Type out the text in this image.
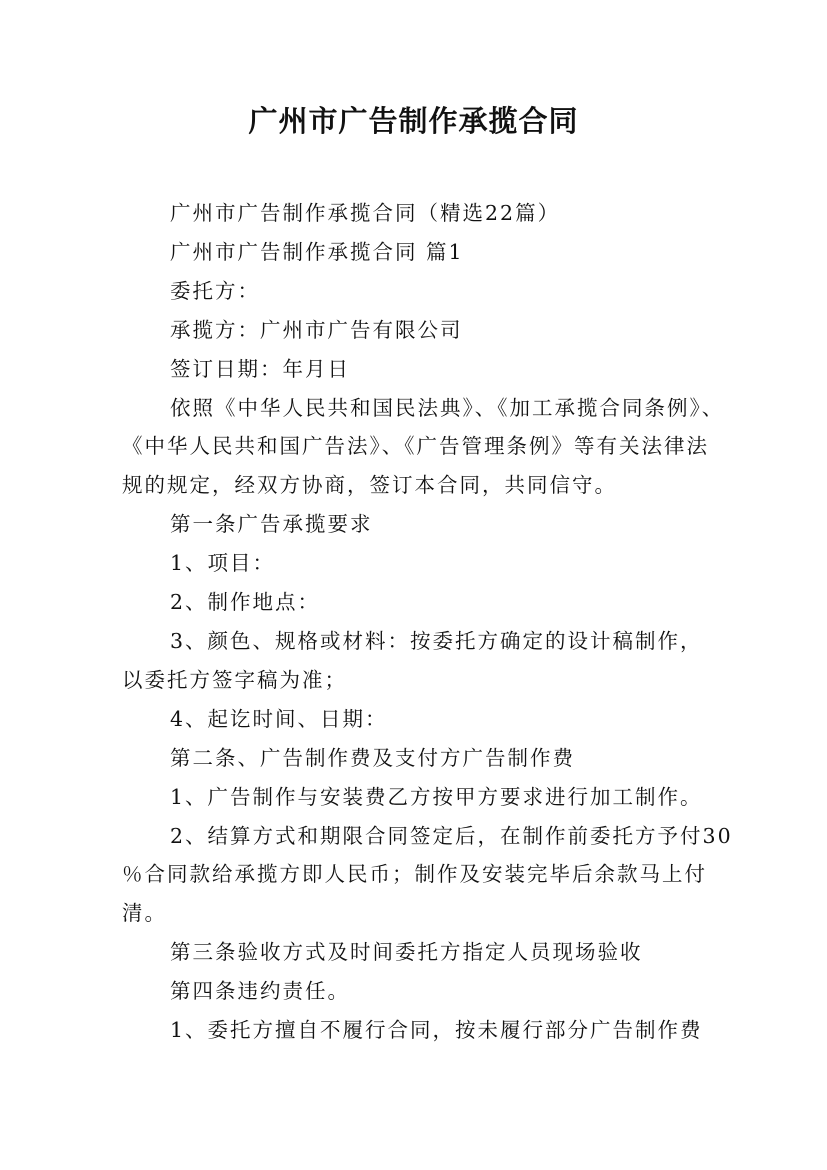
广州市广告制作承揽合同

广州市广告制作承揽合同（精选22篇）

广州市广告制作承揽合同 篇1

委托方：

承揽方：广州市广告有限公司

签订日期：年月日

依照《中华人民共和国民法典》、《加工承揽合同条例》、

《中华人民共和国广告法》、《广告管理条例》等有关法律法

规的规定，经双方协商，签订本合同，共同信守。

第一条广告承揽要求

1、项目：

2、制作地点：

3、颜色、规格或材料：按委托方确定的设计稿制作，

以委托方签字稿为准；

4、起讫时间、日期：

第二条、广告制作费及支付方广告制作费

1、广告制作与安装费乙方按甲方要求进行加工制作。

2、结算方式和期限合同签定后，在制作前委托方予付30

％合同款给承揽方即人民币；制作及安装完毕后余款马上付

清。

第三条验收方式及时间委托方指定人员现场验收

第四条违约责任。

1、委托方擅自不履行合同，按未履行部分广告制作费
